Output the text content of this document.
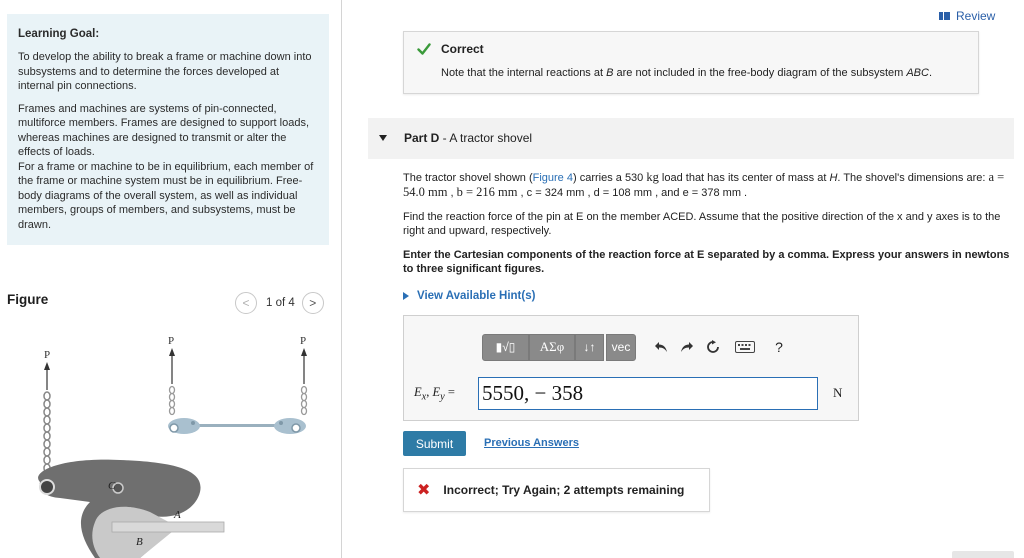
Learning Goal:

To develop the ability to break a frame or machine down into subsystems and to determine the forces developed at internal pin connections.

Frames and machines are systems of pin-connected, multiforce members. Frames are designed to support loads, whereas machines are designed to transmit or alter the effects of loads.

For a frame or machine to be in equilibrium, each member of the frame or machine system must be in equilibrium. Free-body diagrams of the overall system, as well as individual members, groups of members, and subsystems, must be drawn.

Figure	< 1 of 4 >
P
C
A
B
P	P
Review
Correct
Note that the internal reactions at B are not included in the free-body diagram of the subsystem ABC.
Part D - A tractor shovel

The tractor shovel shown (Figure 4) carries a 530 kg load that has its center of mass at H. The shovel's dimensions are: a = 54.0 mm , b = 216 mm , c = 324 mm , d = 108 mm , and e = 378 mm .

Find the reaction force of the pin at E on the member ACED. Assume that the positive direction of the x and y axes is to the right and upward, respectively.

Enter the Cartesian components of the reaction force at E separated by a comma. Express your answers in newtons to three significant figures.

View Available Hint(s)
▮√▯	ΑΣφ	↓↑	vec	?
$E_x$, $E_y = 5550$, − 358	N
Submit	Previous Answers
✖ Incorrect; Try Again; 2 attempts remaining
